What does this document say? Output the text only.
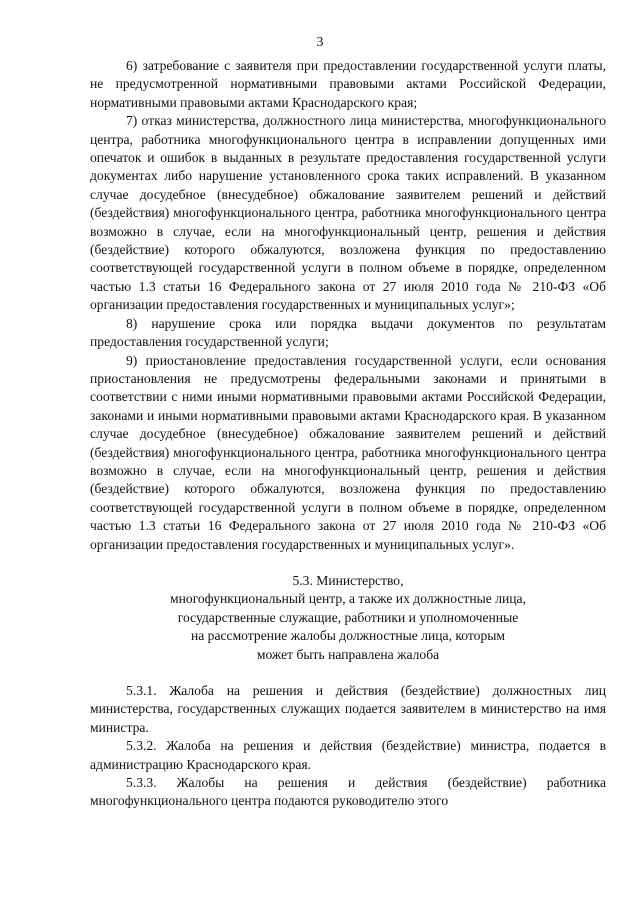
3

6) затребование с заявителя при предоставлении государственной услуги платы, не предусмотренной нормативными правовыми актами Российской Федерации, нормативными правовыми актами Краснодарского края;

7) отказ министерства, должностного лица министерства, многофункционального центра, работника многофункционального центра в исправлении допущенных ими опечаток и ошибок в выданных в результате предоставления государственной услуги документах либо нарушение установленного срока таких исправлений. В указанном случае досудебное (внесудебное) обжалование заявителем решений и действий (бездействия) многофункционального центра, работника многофункционального центра возможно в случае, если на многофункциональный центр, решения и действия (бездействие) которого обжалуются, возложена функция по предоставлению соответствующей государственной услуги в полном объеме в порядке, определенном частью 1.3 статьи 16 Федерального закона от 27 июля 2010 года № 210-ФЗ «Об организации предоставления государственных и муниципальных услуг»;

8) нарушение срока или порядка выдачи документов по результатам предоставления государственной услуги;

9) приостановление предоставления государственной услуги, если основания приостановления не предусмотрены федеральными законами и принятыми в соответствии с ними иными нормативными правовыми актами Российской Федерации, законами и иными нормативными правовыми актами Краснодарского края. В указанном случае досудебное (внесудебное) обжалование заявителем решений и действий (бездействия) многофункционального центра, работника многофункционального центра возможно в случае, если на многофункциональный центр, решения и действия (бездействие) которого обжалуются, возложена функция по предоставлению соответствующей государственной услуги в полном объеме в порядке, определенном частью 1.3 статьи 16 Федерального закона от 27 июля 2010 года № 210-ФЗ «Об организации предоставления государственных и муниципальных услуг».

5.3. Министерство,

многофункциональный центр, а также их должностные лица,

государственные служащие, работники и уполномоченные

на рассмотрение жалобы должностные лица, которым

может быть направлена жалоба

5.3.1. Жалоба на решения и действия (бездействие) должностных лиц министерства, государственных служащих подается заявителем в министерство на имя министра.

5.3.2. Жалоба на решения и действия (бездействие) министра, подается в администрацию Краснодарского края.

5.3.3. Жалобы на решения и действия (бездействие) работника многофункционального центра подаются руководителю этого
